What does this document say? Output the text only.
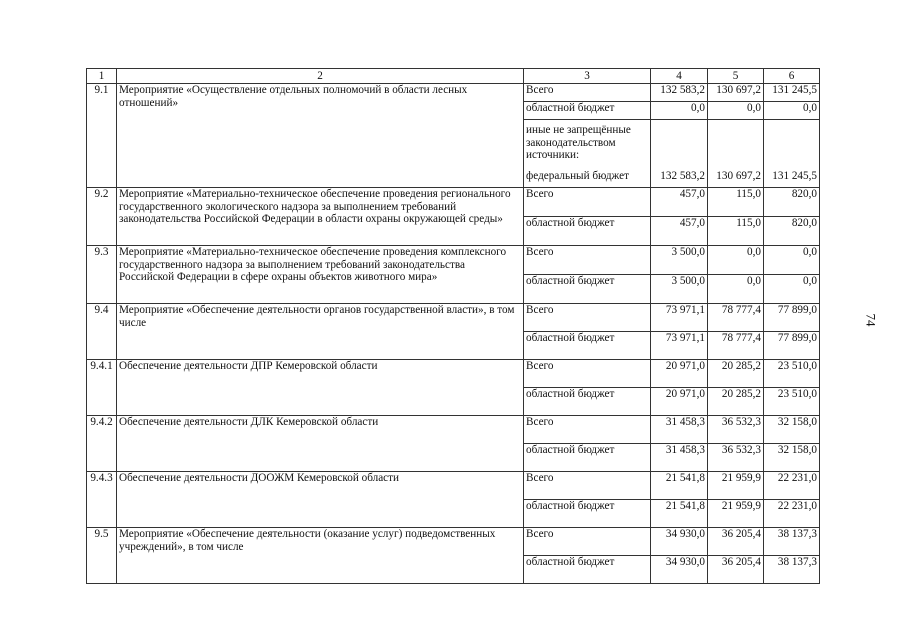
1	2	3	4	5	6
9.1	Мероприятие «Осуществление отдельных полномочий в области лесных отношений»	Всего	132 583,2	130 697,2	131 245,5
		областной бюджет	0,0	0,0	0,0
		иные не запрещённые законодательством источники:			
		федеральный бюджет	132 583,2	130 697,2	131 245,5
9.2	Мероприятие «Материально-техническое обеспечение проведения регионального государственного экологического надзора за выполнением требований законодательства Российской Федерации в области охраны окружающей среды»	Всего	457,0	115,0	820,0
		областной бюджет	457,0	115,0	820,0
9.3	Мероприятие «Материально-техническое обеспечение проведения комплексного государственного надзора за выполнением требований законодательства Российской Федерации в сфере охраны объектов животного мира»	Всего	3 500,0	0,0	0,0
		областной бюджет	3 500,0	0,0	0,0
9.4	Мероприятие «Обеспечение деятельности органов государственной власти», в том числе	Всего	73 971,1	78 777,4	77 899,0
		областной бюджет	73 971,1	78 777,4	77 899,0
9.4.1	Обеспечение деятельности ДПР Кемеровской области	Всего	20 971,0	20 285,2	23 510,0
		областной бюджет	20 971,0	20 285,2	23 510,0
9.4.2	Обеспечение деятельности ДЛК Кемеровской области	Всего	31 458,3	36 532,3	32 158,0
		областной бюджет	31 458,3	36 532,3	32 158,0
9.4.3	Обеспечение деятельности ДООЖМ Кемеровской области	Всего	21 541,8	21 959,9	22 231,0
		областной бюджет	21 541,8	21 959,9	22 231,0
9.5	Мероприятие «Обеспечение деятельности (оказание услуг) подведомственных учреждений», в том числе	Всего	34 930,0	36 205,4	38 137,3
		областной бюджет	34 930,0	36 205,4	38 137,3
74
